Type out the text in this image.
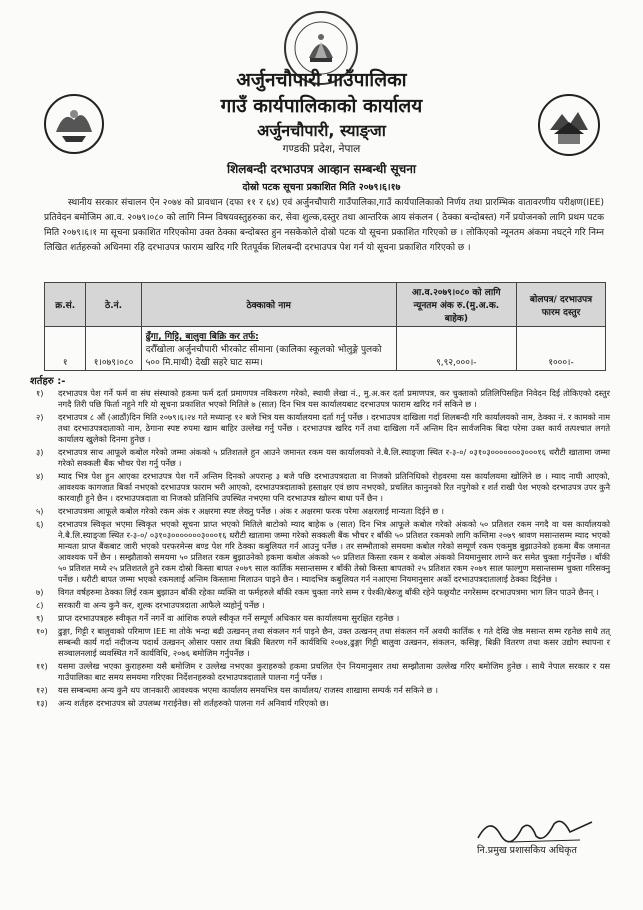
अर्जुनचौपारी गाउँपालिका
गाउँ कार्यपालिकाको कार्यालय
अर्जुनचौपारी, स्याङ्जा
गण्डकी प्रदेश, नेपाल
शिलबन्दी दरभाउपत्र आव्हान सम्बन्धी सूचना
दोस्रो पटक सूचना प्रकाशित मिति २०७९।६।१७

स्थानीय सरकार संचालन ऐन २०७४ को प्रावधान (दफा ११ र ६४) एवं अर्जुनचौपारी गाउँपालिका,गाउँ कार्यपालिकाको निर्णय तथा प्रारम्भिक वातावरणीय परीक्षण(IEE) प्रतिवेदन बमोजिम आ.व. २०७९।०८० को लागि निम्न विषयवस्तुहरुका कर, सेवा शुल्क,दस्तुर तथा आन्तरिक आय संकलन ( ठेक्का बन्दोबस्त) गर्ने प्रयोजनको लागि प्रथम पटक मिति २०७९।६।१ मा सूचना प्रकाशित गरिएकोमा उक्त ठेक्का बन्दोबस्त हुन नसकेकोले दोस्रो पटक यो सूचना प्रकाशित गरिएको छ । लोकिएको न्यूनतम अंकमा नघट्ने गरि निम्न लिखित शर्तहरुको अधिनमा रहि दरभाउपत्र फाराम खरिद गरि रितपूर्वक शिलबन्दी दरभाउपत्र पेश गर्न यो सूचना प्रकाशित गरिएको छ ।

क्र.सं.	ठे.नं.	ठेक्काको नाम	आ.व.२०७९।०८० को लागि न्यूनतम अंक रु.(मु.अ.क. बाहेक)	बोलपत्र/ दरभाउपत्र फारम दस्तुर
१	१।०७९।०८०	ढुँगा, गिट्टि, बालुवा बिक्रि कर तर्फ:
दरौँखोला अर्जुनचौपारी भीरकोट सीमाना (कालिका स्कूलको भोलुङ्गे पुलको ५०० मि.माथी) देखी सहरे घाट सम्म।	९,९२,०००।-	१०००।-
शर्तहरु :-
१) दरभाउपत्र पेश गर्ने फर्म वा संघ संस्थाको हकमा फर्म दर्ता प्रमाणपत्र नविकरण गरेको, स्थायी लेखा नं., मु.अ.कर दर्ता प्रमाणपत्र, कर चुक्ताको प्रतिलिपिसहित निवेदन दिई तोकिएको दस्तुर नगदै तिरी पछि फिर्ता नहुने गरि यो सूचना प्रकाशित भएको मितिले ७ (सात) दिन भित्र यस कार्यालयबाट दरभाउपत्र फाराम खरिद गर्न सकिने छ ।
२) दरभाउपत्र ८ औं (आठौं)दिन मिति २०७९।६।२४ गते मध्यान्ह १२ बजे भित्र यस कार्यालयमा दर्ता गर्नु पर्नेछ । दरभाउपत्र दाखिला गर्दा शिलबन्दी गरि कार्यालयको नाम, ठेक्का नं. र कामको नाम तथा दरभाउपत्रदाताको नाम, ठेगाना स्पष्ट रुपमा खाम बाहिर उल्लेख गर्नु पर्नेछ । दरभाउपत्र खरिद गर्ने तथा दाखिला गर्ने अन्तिम दिन सार्वजनिक बिदा परेमा उक्त कार्य तत्पश्चात लगते कार्यालय खुलेको दिनमा हुनेछ ।
३) दरभाउपत्र साथ आफूले कबोल गरेको जम्मा अंकको ५ प्रतिशतले हुन आउने जमानत रकम यस कार्यालयको ने.बै.लि.स्याङ्जा स्थित र-३-०/ ०३१०३०००००००३०००१६ धरौटी खातामा जम्मा गरेको सक्कली बैंक भौचर पेश गर्नु पर्नेछ ।
४) म्याद भित्र पेश हुन आएका दरभाउपत्र पेश गर्ने अन्तिम दिनको अपरान्ह ३ बजे पछि दरभाउपत्रदाता वा निजको प्रतिनिधिको रोहवरमा यस कार्यालयमा खोलिने छ । म्याद नाघी आएको, आवश्यक कागजात बिर्का नभएको दरभाउपत्र फाराम भरी आएको, दरभाउपत्रदाताको हस्ताक्षर एवं छाप नभएको, प्रचलित कानुनको रित नपुगेको र शर्त राखी पेश भएको दरभाउपत्र उपर कुनै कारवाही हुने छैन । दरभाउपत्रदाता वा निजको प्रतिनिधि उपस्थित नभएमा पनि दरभाउपत्र खोल्न बाधा पर्ने छैन ।
५) दरभाउपत्रमा आफूले कबोल गरेको रकम अंक र अक्षरमा स्पष्ट लेख्नु पर्नेछ । अंक र अक्षरमा फरक परेमा अक्षरलाई मान्यता दिईने छ ।
६) दरभाउपत्र स्विकृत भएमा स्विकृत भएको सूचना प्राप्त भएको मितिले बाटोको म्याद बाहेक ७ (सात) दिन भित्र आफूले कबोल गरेको अंकको ५० प्रतिशत रकम नगदै वा यस कार्यालयको ने.बै.लि.स्याङ्जा स्थित र-३-०/ ०३१०३०००००००३०००१६ धरौटी खातामा जम्मा गरेको सक्कली बैंक भौचर र बाँकी ५० प्रतिशत रकमको लागि कम्तिमा २०७९ श्रावण मसान्तसम्म म्याद भएको मान्यता प्राप्त बैंकबाट जारी भएको परफरमेन्स बण्ड पेश गरि ठेक्का कबुलियत गर्न आउनु पर्नेछ । तर सम्भौताको समयमा कबोल गरेको सम्पूर्ण रकम एकमुष्ठ बुझाउनेको हकमा बैंक जमानत आवश्यक पर्ने छैन । सम्झौताको समयमा ५० प्रतिशत रकम बुझाउनेको हकमा कबोल अंकको ५० प्रतिशत किस्ता रकम र कबोल अंकको नियमानुसार लाग्ने कर समेत चुक्ता गर्नुपर्नेछ । बाँकी ५० प्रतिशत मध्ये २५ प्रतिशतले हुने रकम दोस्रो किस्ता बापत २०७९ साल कार्तिक मसान्तसम्म र बाँकी तेस्रो किस्ता बापतको २५ प्रतिशत रकम २०७९ साल फाल्गुण मसान्तसम्म चुक्ता गरिसक्नु पर्नेछ । धरौटी बापत जम्मा भएको रकमलाई अन्तिम किस्तामा मिलाउन पाइने छैन । म्यादभित्र कबुलियत गर्न नआएमा नियमानुसार अर्को दरभाउपत्रदातालाई ठेक्का दिईनेछ ।
७) विगत वर्षहरुमा ठेक्का लिई रकम बुझाउन बाँकी रहेका व्यक्ति वा फर्महरुले बाँकी रकम चुक्ता नगरे सम्म र पेश्की/बेरुजु बाँकी रहेने फछ्र्यौट नगरेसम्म दरभाउपत्रमा भाग लिन पाउने छैनन् ।
८) सरकारी वा अन्य कुनै कर, शुल्क दरभाउपत्रदाता आफैले व्यहोर्नु पर्नेछ ।
९) प्राप्त दरभाउपत्रहरु स्वीकृत गर्ने नगर्ने वा आंशिक रुपले स्वीकृत गर्ने सम्पूर्ण अधिकार यस कार्यालयमा सुरक्षित रहनेछ ।
१०) ढुङ्गा, गिट्टी र बालुवाको परिमाण IEE मा तोके भन्दा बढी उत्खनन् तथा संकलन गर्न पाइने छैन, उक्त उत्खनन् तथा संकलन गर्ने अवधी कार्तिक १ गते देखि जेष्ठ मसान्त सम्म रहनेछ साथै तत् सम्बन्धी कार्य गर्दा नदीजन्य पदार्थ उत्खनन् ओसार पसार तथा बिक्री बितरण गर्ने कार्यविधि २०७४,ढुङ्गा गिट्टी बालुवा उत्खनन, संकलन, कसिङ्ग, बिक्री वितरण तथा कसर उद्योग स्थापना र सञ्चालनलाई व्यवस्थित गर्ने कार्यविधि, २०७६ बमोजिम गर्नुपर्नेछ ।
११) यसमा उल्लेख भएका कुराहरुमा यसै बमोजिम र उल्लेख नभएका कुराहरुको हकमा प्रचलित ऐन नियमानुसार तथा सम्झौतामा उल्लेख गरिए बमोजिम हुनेछ । साथै नेपाल सरकार र यस गाउँपालिका बाट समय समयमा गरिएका निर्देशनहरुको दरभाउपत्रदाताले पालना गर्नु पर्नेछ ।
१२) यस सम्बन्धमा अन्य कुनै थप जानकारी आवश्यक भएमा कार्यालय समयभित्र यस कार्यालय/ राजस्व शाखामा सम्पर्क गर्न सकिने छ ।
१३) अन्य शर्तहरु दरभाउपत्र स्रो उपलब्ध गराईनेछ। सो शर्तहरुको पालना गर्न अनिवार्य गरिएको छ।
नि.प्रमुख प्रशासकिय अधिकृत
